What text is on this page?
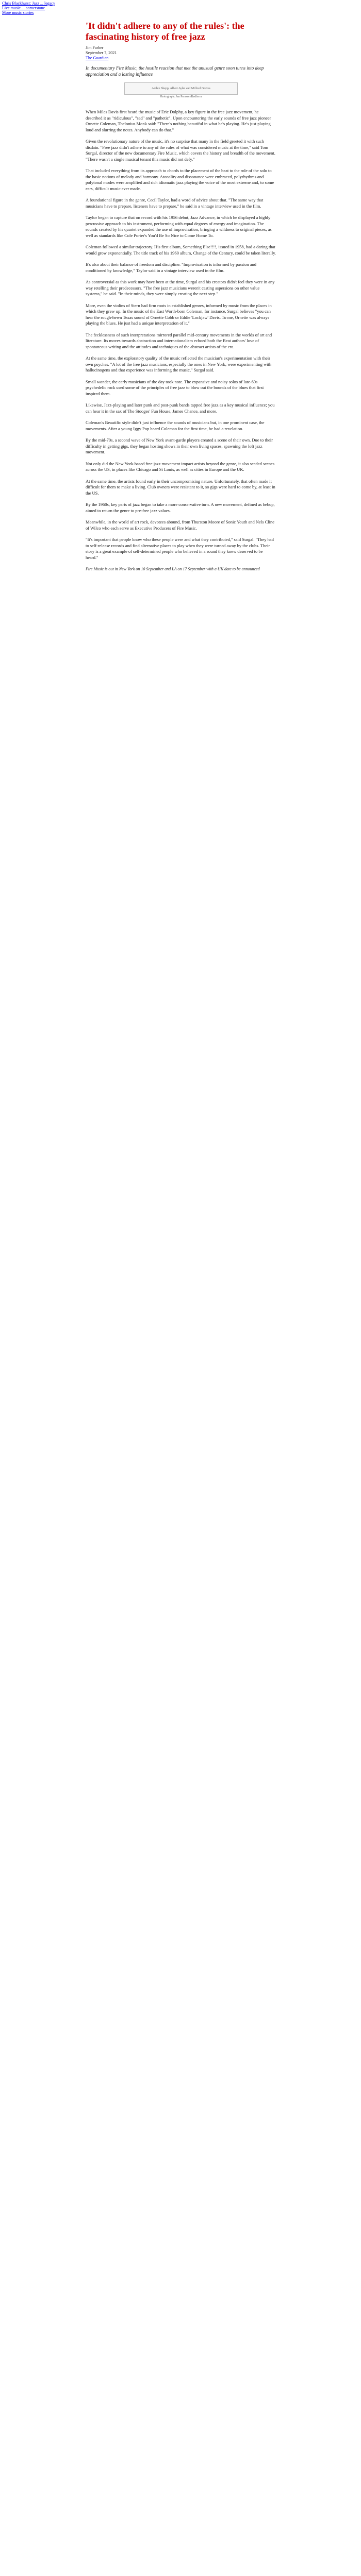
Chris Blackhurst: Jazz ... legacy
Live music ... cornerstone
More music stories
'It didn't adhere to any of the rules': the fascinating history of free jazz
Jim Farber
September 7, 2021
The Guardian

In documentary Fire Music, the hostile reaction that met the unusual genre soon turns into deep appreciation and a lasting influence

Archie Shepp, Albert Ayler and Milford Graves
Photograph: Jan Persson/Redferns

When Miles Davis first heard the music of Eric Dolphy, a key figure in the free jazz movement, he described it as "ridiculous", "sad" and "pathetic". Upon encountering the early sounds of free jazz pioneer Ornette Coleman, Thelonius Monk said: "There's nothing beautiful in what he's playing. He's just playing loud and slurring the notes. Anybody can do that."

Given the revolutionary nature of the music, it's no surprise that many in the field greeted it with such disdain. "Free jazz didn't adhere to any of the rules of what was considered music at the time," said Tom Surgal, director of the new documentary Fire Music, which covers the history and breadth of the movement. "There wasn't a single musical tenant this music did not defy."

That included everything from its approach to chords to the placement of the beat to the role of the solo to the basic notions of melody and harmony. Atonality and dissonance were embraced, polyrhythms and polytonal modes were amplified and rich idiomatic jazz playing the voice of the most extreme and, to some ears, difficult music ever made.

A foundational figure in the genre, Cecil Taylor, had a word of advice about that. "The same way that musicians have to prepare, listeners have to prepare," he said in a vintage interview used in the film.

Taylor began to capture that on record with his 1956 debut, Jazz Advance, in which he displayed a highly percussive approach to his instrument, performing with equal degrees of energy and imagination. The sounds created by his quartet expanded the use of improvisation, bringing a wildness to original pieces, as well as standards like Cole Porter's You'd Be So Nice to Come Home To.

Coleman followed a similar trajectory. His first album, Something Else!!!!, issued in 1958, had a daring that would grow exponentially. The title track of his 1960 album, Change of the Century, could be taken literally.

It's also about their balance of freedom and discipline. "Improvisation is informed by passion and conditioned by knowledge," Taylor said in a vintage interview used in the film.

As controversial as this work may have been at the time, Surgal and his creators didn't feel they were in any way retelling their predecessors. "The free jazz musicians weren't casting aspersions on other value systems," he said. "In their minds, they were simply creating the next step."

More, even the violins of Stern had firm roots in established genres, informed by music from the places in which they grew up. In the music of the East Worth-born Coleman, for instance, Surgal believes "you can hear the rough-hewn Texas sound of Ornette Cobb or Eddie 'Lockjaw' Davis. To me, Ornette was always playing the blues. He just had a unique interpretation of it."

The fecklessness of such interpretations mirrored parallel mid-century movements in the worlds of art and literature. Its moves towards abstraction and internationalism echoed both the Beat authors' love of spontaneous writing and the attitudes and techniques of the abstract artists of the era.

At the same time, the exploratory quality of the music reflected the musician's experimentation with their own psyches. "A lot of the free jazz musicians, especially the ones in New York, were experimenting with hallucinogens and that experience was informing the music," Surgal said.

Small wonder, the early musicians of the day took note. The expansive and noisy solos of late-60s psychedelic rock used some of the principles of free jazz to blow out the bounds of the blues that first inspired them.

Likewise, Jazz-playing and later punk and post-punk bands tapped free jazz as a key musical influence; you can hear it in the sax of The Stooges' Fun House, James Chance, and more.

Coleman's Beautific style didn't just influence the sounds of musicians but, in one prominent case, the movements. After a young Iggy Pop heard Coleman for the first time, he had a revelation.

By the mid-70s, a second wave of New York avant-garde players created a scene of their own. Due to their difficulty in getting gigs, they began hosting shows in their own living spaces, spawning the loft jazz movement.

Not only did the New York-based free jazz movement impact artists beyond the genre, it also seeded scenes across the US, in places like Chicago and St Louis, as well as cities in Europe and the UK.

At the same time, the artists found early in their uncompromising nature. Unfortunately, that often made it difficult for them to make a living. Club owners were resistant to it, so gigs were hard to come by, at least in the US.

By the 1960s, key parts of jazz began to take a more conservative turn. A new movement, defined as bebop, aimed to return the genre to pre-free jazz values.

Meanwhile, in the world of art rock, devotees abound, from Thurston Moore of Sonic Youth and Nels Cline of Wilco who each serve as Executive Producers of Fire Music.

"It's important that people know who these people were and what they contributed," said Surgal. "They had to self-release records and find alternative places to play when they were turned away by the clubs. Their story is a great example of self-determined people who believed in a sound they knew deserved to be heard."

Fire Music is out in New York on 10 September and LA on 17 September with a UK date to be announced
